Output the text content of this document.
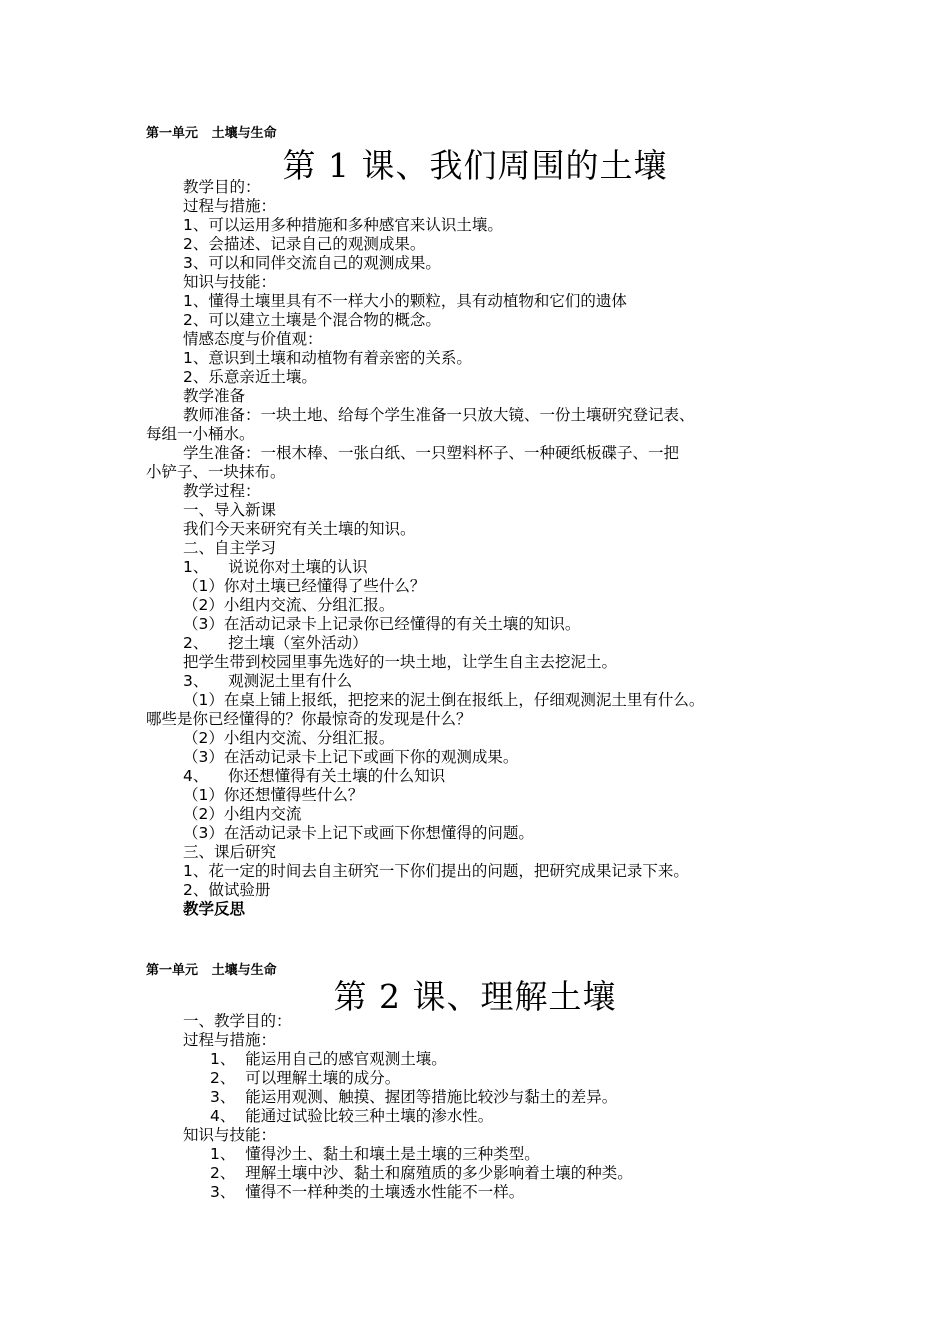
第一单元   土壤与生命
第 1 课、我们周围的土壤
教学目的：
过程与措施：
1、可以运用多种措施和多种感官来认识土壤。
2、会描述、记录自己的观测成果。
3、可以和同伴交流自己的观测成果。
知识与技能：
1、懂得土壤里具有不一样大小的颗粒，具有动植物和它们的遗体
2、可以建立土壤是个混合物的概念。
情感态度与价值观：
1、意识到土壤和动植物有着亲密的关系。
2、乐意亲近土壤。
教学准备
教师准备：一块土地、给每个学生准备一只放大镜、一份土壤研究登记表、
每组一小桶水。
学生准备：一根木棒、一张白纸、一只塑料杯子、一种硬纸板碟子、一把
小铲子、一块抹布。
教学过程：
一、导入新课
我们今天来研究有关土壤的知识。
二、自主学习
1、    说说你对土壤的认识
（1）你对土壤已经懂得了些什么？
（2）小组内交流、分组汇报。
（3）在活动记录卡上记录你已经懂得的有关土壤的知识。
2、    挖土壤（室外活动）
把学生带到校园里事先选好的一块土地，让学生自主去挖泥土。
3、    观测泥土里有什么
（1）在桌上铺上报纸，把挖来的泥土倒在报纸上，仔细观测泥土里有什么。
哪些是你已经懂得的？你最惊奇的发现是什么？
（2）小组内交流、分组汇报。
（3）在活动记录卡上记下或画下你的观测成果。
4、    你还想懂得有关土壤的什么知识
（1）你还想懂得些什么？
（2）小组内交流
（3）在活动记录卡上记下或画下你想懂得的问题。
三、课后研究
1、花一定的时间去自主研究一下你们提出的问题，把研究成果记录下来。
2、做试验册
教学反思
第一单元   土壤与生命
第 2 课、理解土壤
一、教学目的：
过程与措施：
1、  能运用自己的感官观测土壤。
2、  可以理解土壤的成分。
3、  能运用观测、触摸、握团等措施比较沙与黏土的差异。
4、  能通过试验比较三种土壤的渗水性。
知识与技能：
1、  懂得沙土、黏土和壤土是土壤的三种类型。
2、  理解土壤中沙、黏土和腐殖质的多少影响着土壤的种类。
3、  懂得不一样种类的土壤透水性能不一样。
